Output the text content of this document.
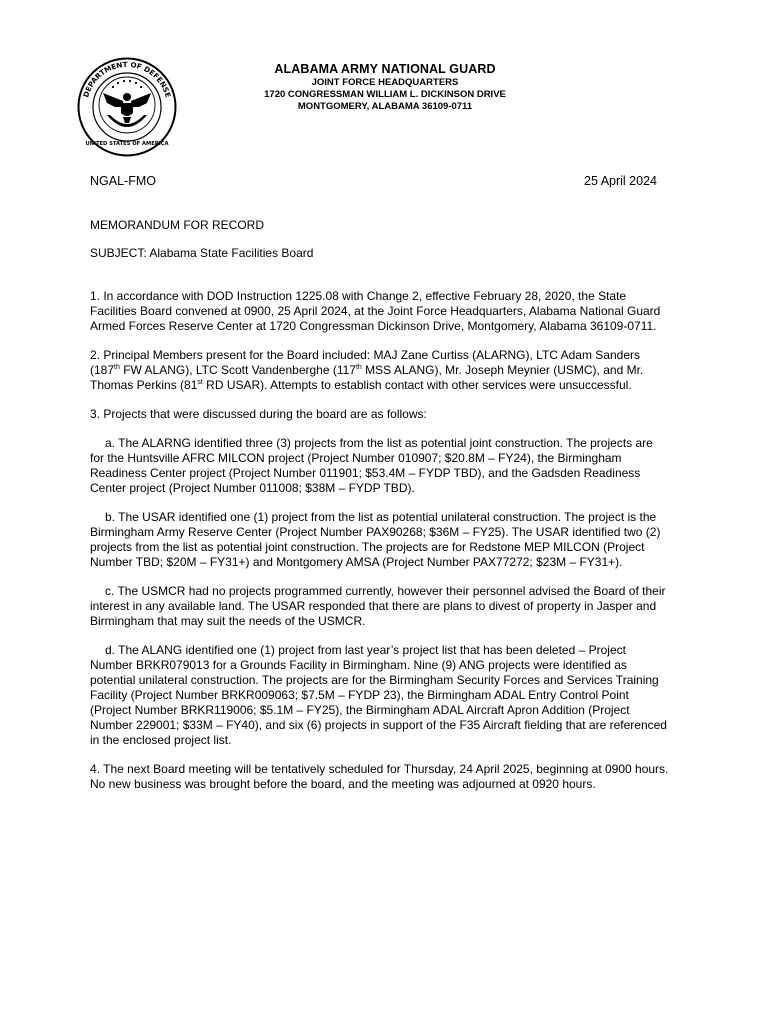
DEPARTMENT OF DEFENSE
UNITED STATES OF AMERICA
ALABAMA ARMY NATIONAL GUARD
JOINT FORCE HEADQUARTERS
1720 CONGRESSMAN WILLIAM L. DICKINSON DRIVE
MONTGOMERY, ALABAMA 36109-0711
NGAL-FMO	25 April 2024

MEMORANDUM FOR RECORD

SUBJECT: Alabama State Facilities Board

1. In accordance with DOD Instruction 1225.08 with Change 2, effective February 28, 2020, the State Facilities Board convened at 0900, 25 April 2024, at the Joint Force Headquarters, Alabama National Guard Armed Forces Reserve Center at 1720 Congressman Dickinson Drive, Montgomery, Alabama 36109-0711.

2. Principal Members present for the Board included: MAJ Zane Curtiss (ALARNG), LTC Adam Sanders (187th FW ALANG), LTC Scott Vandenberghe (117th MSS ALANG), Mr. Joseph Meynier (USMC), and Mr. Thomas Perkins (81st RD USAR). Attempts to establish contact with other services were unsuccessful.

3. Projects that were discussed during the board are as follows:

a. The ALARNG identified three (3) projects from the list as potential joint construction. The projects are for the Huntsville AFRC MILCON project (Project Number 010907; $20.8M – FY24), the Birmingham Readiness Center project (Project Number 011901; $53.4M – FYDP TBD), and the Gadsden Readiness Center project (Project Number 011008; $38M – FYDP TBD).

b. The USAR identified one (1) project from the list as potential unilateral construction. The project is the Birmingham Army Reserve Center (Project Number PAX90268; $36M – FY25). The USAR identified two (2) projects from the list as potential joint construction. The projects are for Redstone MEP MILCON (Project Number TBD; $20M – FY31+) and Montgomery AMSA (Project Number PAX77272; $23M – FY31+).

c. The USMCR had no projects programmed currently, however their personnel advised the Board of their interest in any available land. The USAR responded that there are plans to divest of property in Jasper and Birmingham that may suit the needs of the USMCR.

d. The ALANG identified one (1) project from last year’s project list that has been deleted – Project Number BRKR079013 for a Grounds Facility in Birmingham. Nine (9) ANG projects were identified as potential unilateral construction. The projects are for the Birmingham Security Forces and Services Training Facility (Project Number BRKR009063; $7.5M – FYDP 23), the Birmingham ADAL Entry Control Point (Project Number BRKR119006; $5.1M – FY25), the Birmingham ADAL Aircraft Apron Addition (Project Number 229001; $33M – FY40), and six (6) projects in support of the F35 Aircraft fielding that are referenced in the enclosed project list.

4. The next Board meeting will be tentatively scheduled for Thursday, 24 April 2025, beginning at 0900 hours. No new business was brought before the board, and the meeting was adjourned at 0920 hours.
